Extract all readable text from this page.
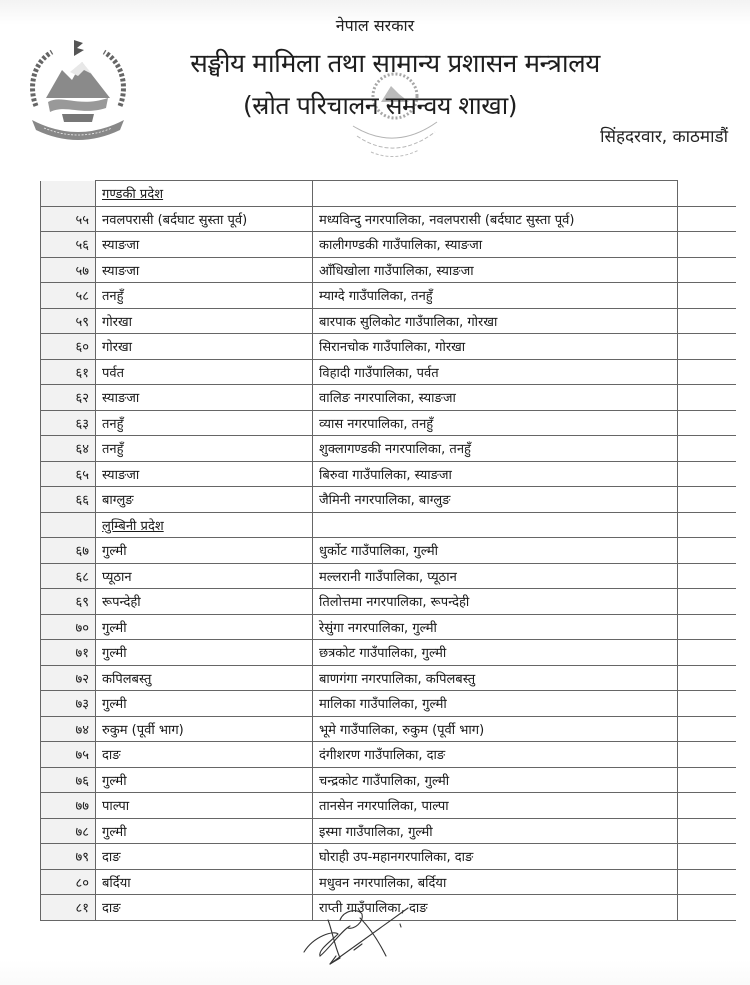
नेपाल सरकार
सङ्घीय मामिला तथा सामान्य प्रशासन मन्त्रालय
(स्रोत परिचालन समन्वय शाखा)
सिंहदरवार, काठमाडौं
	गण्डकी प्रदेश		
५५	नवलपरासी (बर्दघाट सुस्ता पूर्व)	मध्यविन्दु नगरपालिका, नवलपरासी (बर्दघाट सुस्ता पूर्व)	
५६	स्याङजा	कालीगण्डकी गाउँपालिका, स्याङजा	
५७	स्याङजा	आँधिखोला गाउँपालिका, स्याङजा	
५८	तनहुँ	म्याग्दे गाउँपालिका, तनहुँ	
५९	गोरखा	बारपाक सुलिकोट गाउँपालिका, गोरखा	
६०	गोरखा	सिरानचोक गाउँपालिका, गोरखा	
६१	पर्वत	विहादी गाउँपालिका, पर्वत	
६२	स्याङजा	वालिङ नगरपालिका, स्याङजा	
६३	तनहुँ	व्यास नगरपालिका, तनहुँ	
६४	तनहुँ	शुक्लागण्डकी नगरपालिका, तनहुँ	
६५	स्याङजा	बिरुवा गाउँपालिका, स्याङजा	
६६	बाग्लुङ	जैमिनी नगरपालिका, बाग्लुङ	
	लुम्बिनी प्रदेश		
६७	गुल्मी	धुर्कोट गाउँपालिका, गुल्मी	
६८	प्यूठान	मल्लरानी गाउँपालिका, प्यूठान	
६९	रूपन्देही	तिलोत्तमा नगरपालिका, रूपन्देही	
७०	गुल्मी	रेसुंगा नगरपालिका, गुल्मी	
७१	गुल्मी	छत्रकोट गाउँपालिका, गुल्मी	
७२	कपिलबस्तु	बाणगंगा नगरपालिका, कपिलबस्तु	
७३	गुल्मी	मालिका गाउँपालिका, गुल्मी	
७४	रुकुम (पूर्वी भाग)	भूमे गाउँपालिका, रुकुम (पूर्वी भाग)	
७५	दाङ	दंगीशरण गाउँपालिका, दाङ	
७६	गुल्मी	चन्द्रकोट गाउँपालिका, गुल्मी	
७७	पाल्पा	तानसेन नगरपालिका, पाल्पा	
७८	गुल्मी	इस्मा गाउँपालिका, गुल्मी	
७९	दाङ	घोराही उप-महानगरपालिका, दाङ	
८०	बर्दिया	मधुवन नगरपालिका, बर्दिया	
८१	दाङ	राप्ती गाउँपालिका, दाङ	
